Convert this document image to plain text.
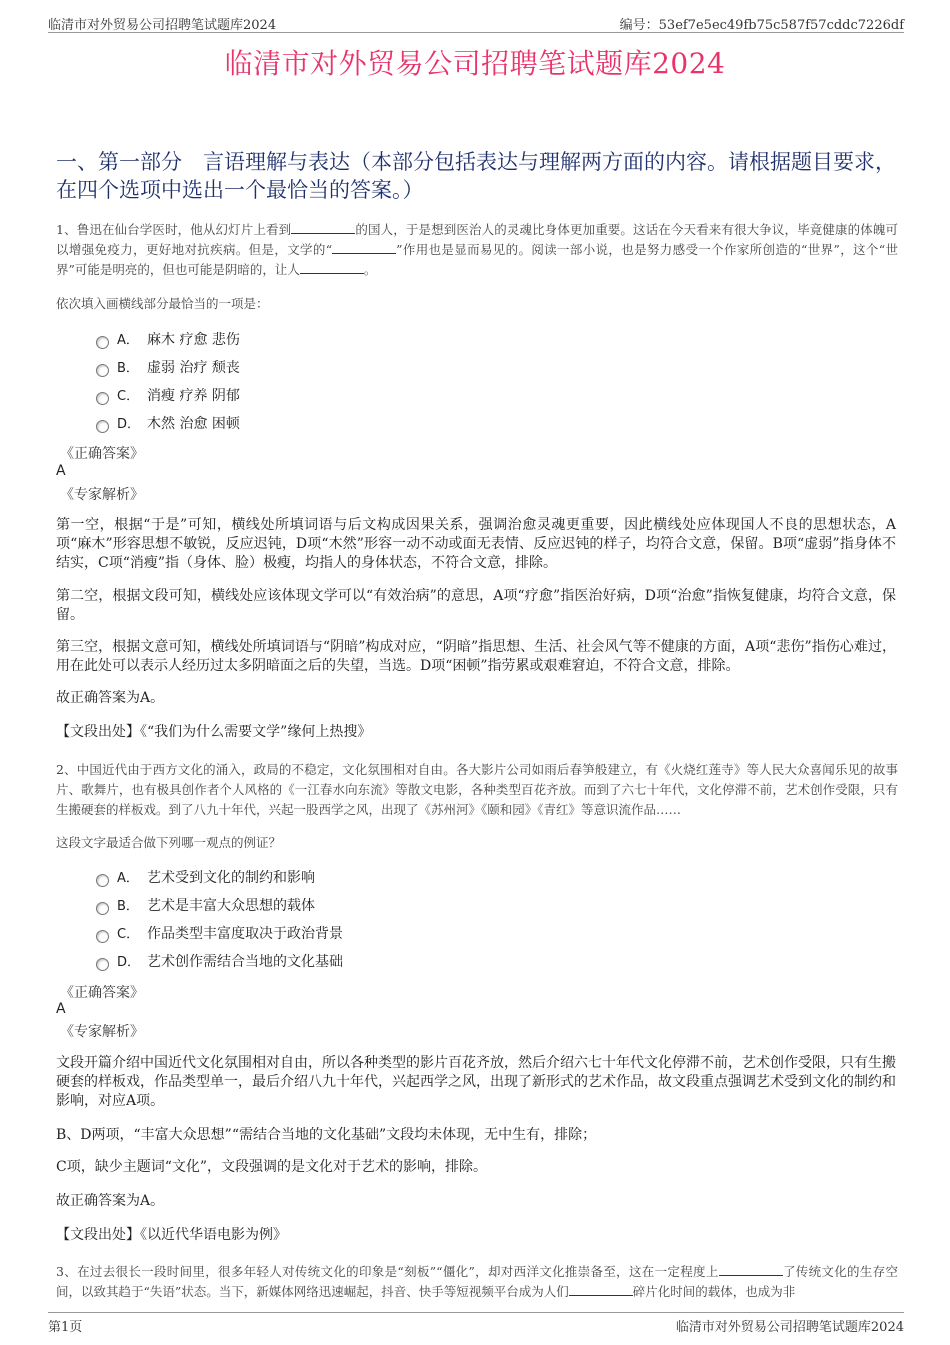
临清市对外贸易公司招聘笔试题库2024	编号：53ef7e5ec49fb75c587f57cddc7226df
临清市对外贸易公司招聘笔试题库2024
一、第一部分　言语理解与表达（本部分包括表达与理解两方面的内容。请根据题目要求，在四个选项中选出一个最恰当的答案。）
1、鲁迅在仙台学医时，他从幻灯片上看到	的国人，于是想到医治人的灵魂比身体更加重要。这话在今天看来有很大争议，毕竟健康的体魄可以增强免疫力，更好地对抗疾病。但是，文学的“	”作用也是显而易见的。阅读一部小说，也是努力感受一个作家所创造的“世界”，这个“世界”可能是明亮的，但也可能是阴暗的，让人	。
依次填入画横线部分最恰当的一项是：
A． 麻木 疗愈 悲伤
B． 虚弱 治疗 颓丧
C． 消瘦 疗养 阴郁
D． 木然 治愈 困顿
《正确答案》
A
《专家解析》
第一空，根据“于是”可知，横线处所填词语与后文构成因果关系，强调治愈灵魂更重要，因此横线处应体现国人不良的思想状态，A项“麻木”形容思想不敏锐，反应迟钝，D项“木然”形容一动不动或面无表情、反应迟钝的样子，均符合文意，保留。B项“虚弱”指身体不结实，C项“消瘦”指（身体、脸）极瘦，均指人的身体状态，不符合文意，排除。
第二空，根据文段可知，横线处应该体现文学可以“有效治病”的意思，A项“疗愈”指医治好病，D项“治愈”指恢复健康，均符合文意，保留。
第三空，根据文意可知，横线处所填词语与“阴暗”构成对应，“阴暗”指思想、生活、社会风气等不健康的方面，A项“悲伤”指伤心难过，用在此处可以表示人经历过太多阴暗面之后的失望，当选。D项“困顿”指劳累或艰难窘迫，不符合文意，排除。
故正确答案为A。
【文段出处】《“我们为什么需要文学”缘何上热搜》
2、中国近代由于西方文化的涌入，政局的不稳定，文化氛围相对自由。各大影片公司如雨后春笋般建立，有《火烧红莲寺》等人民大众喜闻乐见的故事片、歌舞片，也有极具创作者个人风格的《一江春水向东流》等散文电影，各种类型百花齐放。而到了六七十年代，文化停滞不前，艺术创作受限，只有生搬硬套的样板戏。到了八九十年代，兴起一股西学之风，出现了《苏州河》《颐和园》《青红》等意识流作品……
这段文字最适合做下列哪一观点的例证？
A． 艺术受到文化的制约和影响
B． 艺术是丰富大众思想的载体
C． 作品类型丰富度取决于政治背景
D． 艺术创作需结合当地的文化基础
《正确答案》
A
《专家解析》
文段开篇介绍中国近代文化氛围相对自由，所以各种类型的影片百花齐放，然后介绍六七十年代文化停滞不前，艺术创作受限，只有生搬硬套的样板戏，作品类型单一，最后介绍八九十年代，兴起西学之风，出现了新形式的艺术作品，故文段重点强调艺术受到文化的制约和影响，对应A项。
B、D两项，“丰富大众思想”“需结合当地的文化基础”文段均未体现，无中生有，排除；
C项，缺少主题词“文化”，文段强调的是文化对于艺术的影响，排除。
故正确答案为A。
【文段出处】《以近代华语电影为例》
3、在过去很长一段时间里，很多年轻人对传统文化的印象是“刻板”“僵化”，却对西洋文化推崇备至，这在一定程度上	了传统文化的生存空间，以致其趋于“失语”状态。当下，新媒体网络迅速崛起，抖音、快手等短视频平台成为人们	碎片化时间的载体，也成为非
第1页	临清市对外贸易公司招聘笔试题库2024
